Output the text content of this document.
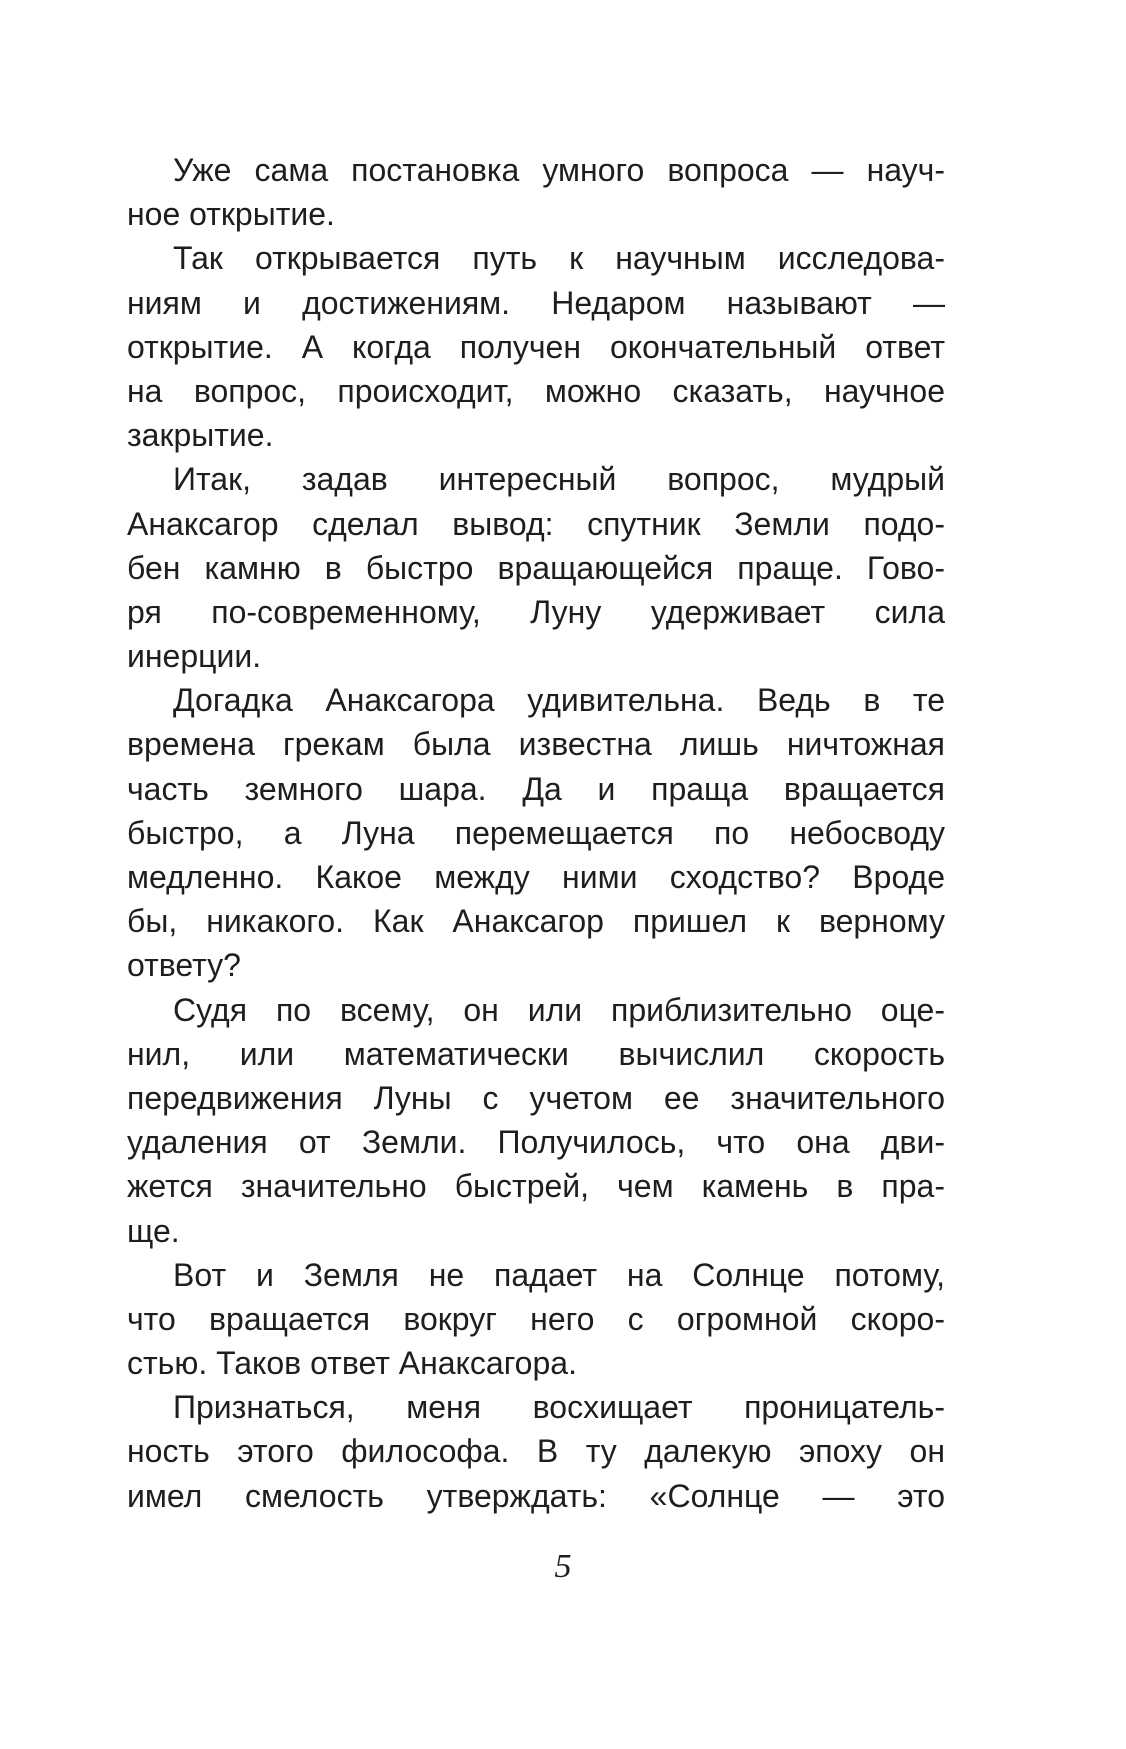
Уже сама постановка умного вопроса — науч-
ное открытие.
Так открывается путь к научным исследова-
ниям и достижениям. Недаром называют —
открытие. А когда получен окончательный ответ
на вопрос, происходит, можно сказать, научное
закрытие.
Итак, задав интересный вопрос, мудрый
Анаксагор сделал вывод: спутник Земли подо-
бен камню в быстро вращающейся праще. Гово-
ря по-современному, Луну удерживает сила
инерции.
Догадка Анаксагора удивительна. Ведь в те
времена грекам была известна лишь ничтожная
часть земного шара. Да и праща вращается
быстро, а Луна перемещается по небосводу
медленно. Какое между ними сходство? Вроде
бы, никакого. Как Анаксагор пришел к верному
ответу?
Судя по всему, он или приблизительно оце-
нил, или математически вычислил скорость
передвижения Луны с учетом ее значительного
удаления от Земли. Получилось, что она дви-
жется значительно быстрей, чем камень в пра-
ще.
Вот и Земля не падает на Солнце потому,
что вращается вокруг него с огромной скоро-
стью. Таков ответ Анаксагора.
Признаться, меня восхищает проницатель-
ность этого философа. В ту далекую эпоху он
имел смелость утверждать: «Солнце — это
5
